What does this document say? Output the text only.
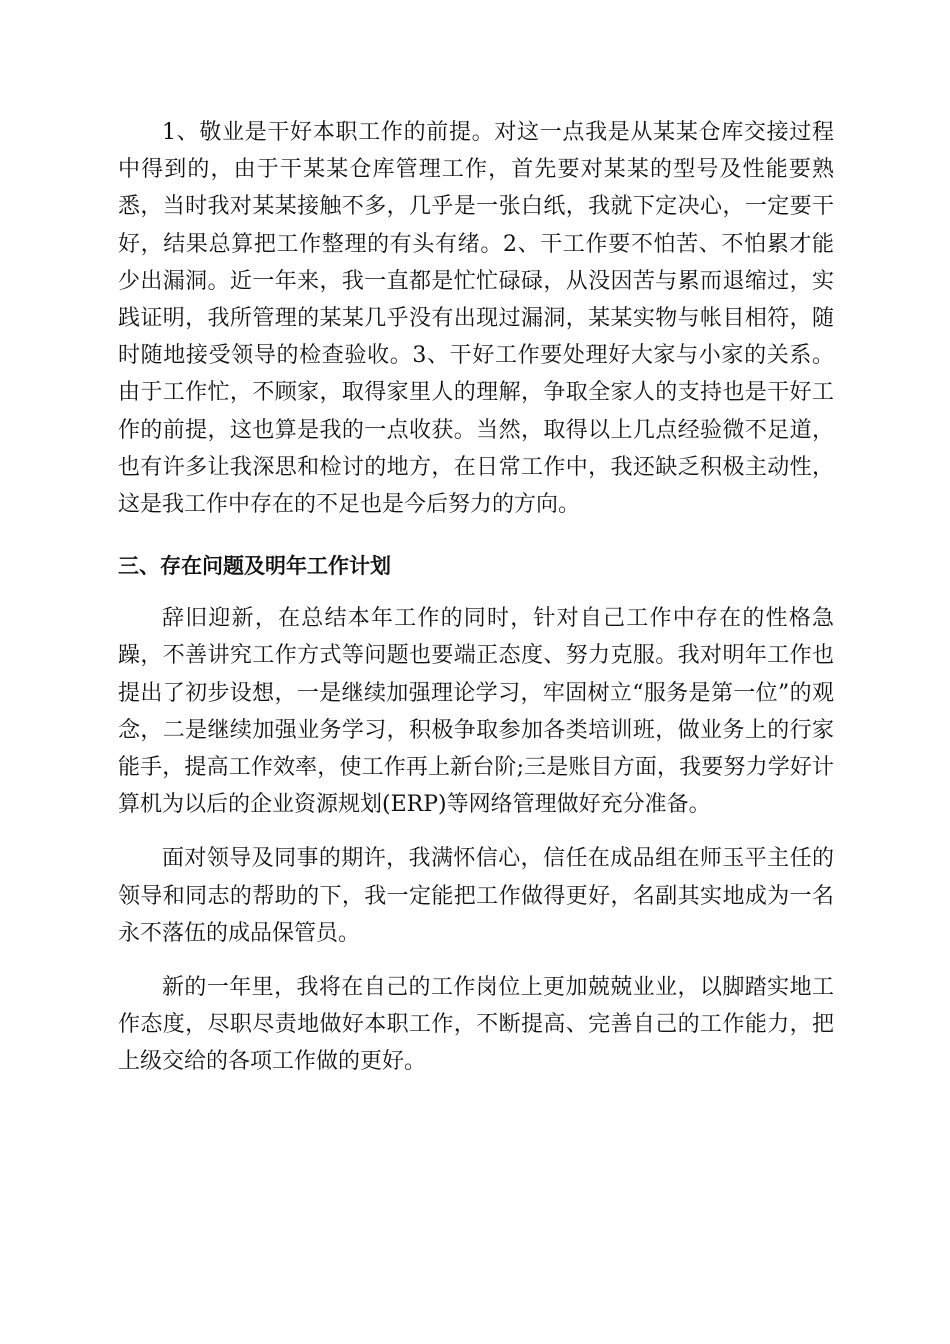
1、敬业是干好本职工作的前提。对这一点我是从某某仓库交接过程中得到的，由于干某某仓库管理工作，首先要对某某的型号及性能要熟悉，当时我对某某接触不多，几乎是一张白纸，我就下定决心，一定要干好，结果总算把工作整理的有头有绪。2、干工作要不怕苦、不怕累才能少出漏洞。近一年来，我一直都是忙忙碌碌，从没因苦与累而退缩过，实践证明，我所管理的某某几乎没有出现过漏洞，某某实物与帐目相符，随时随地接受领导的检查验收。3、干好工作要处理好大家与小家的关系。由于工作忙，不顾家，取得家里人的理解，争取全家人的支持也是干好工作的前提，这也算是我的一点收获。当然，取得以上几点经验微不足道，也有许多让我深思和检讨的地方，在日常工作中，我还缺乏积极主动性，这是我工作中存在的不足也是今后努力的方向。

三、存在问题及明年工作计划

辞旧迎新，在总结本年工作的同时，针对自己工作中存在的性格急躁，不善讲究工作方式等问题也要端正态度、努力克服。我对明年工作也提出了初步设想，一是继续加强理论学习，牢固树立“服务是第一位”的观念，二是继续加强业务学习，积极争取参加各类培训班，做业务上的行家能手，提高工作效率，使工作再上新台阶;三是账目方面，我要努力学好计算机为以后的企业资源规划(ERP)等网络管理做好充分准备。

面对领导及同事的期许，我满怀信心，信任在成品组在师玉平主任的领导和同志的帮助的下，我一定能把工作做得更好，名副其实地成为一名永不落伍的成品保管员。

新的一年里，我将在自己的工作岗位上更加兢兢业业，以脚踏实地工作态度，尽职尽责地做好本职工作，不断提高、完善自己的工作能力，把上级交给的各项工作做的更好。
